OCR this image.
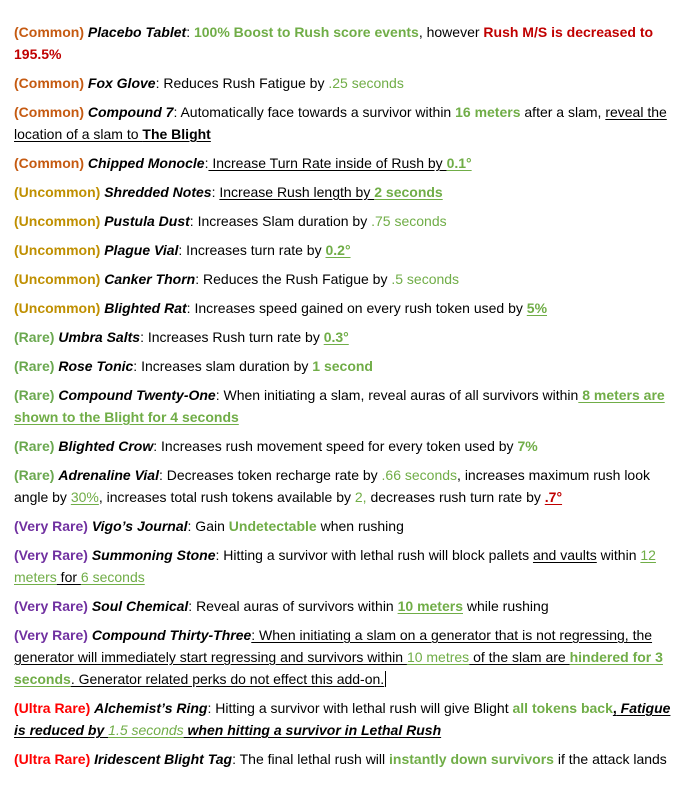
(Common) Placebo Tablet: 100% Boost to Rush score events, however Rush M/S is decreased to 195.5%

(Common) Fox Glove: Reduces Rush Fatigue by .25 seconds

(Common) Compound 7: Automatically face towards a survivor within 16 meters after a slam, reveal the location of a slam to The Blight

(Common) Chipped Monocle: Increase Turn Rate inside of Rush by 0.1°

(Uncommon) Shredded Notes: Increase Rush length by 2 seconds

(Uncommon) Pustula Dust: Increases Slam duration by .75 seconds

(Uncommon) Plague Vial: Increases turn rate by 0.2°

(Uncommon) Canker Thorn: Reduces the Rush Fatigue by .5 seconds

(Uncommon) Blighted Rat: Increases speed gained on every rush token used by 5%

(Rare) Umbra Salts: Increases Rush turn rate by 0.3°

(Rare) Rose Tonic: Increases slam duration by 1 second

(Rare) Compound Twenty-One: When initiating a slam, reveal auras of all survivors within 8 meters are shown to the Blight for 4 seconds

(Rare) Blighted Crow: Increases rush movement speed for every token used by 7%

(Rare) Adrenaline Vial: Decreases token recharge rate by .66 seconds, increases maximum rush look angle by 30%, increases total rush tokens available by 2, decreases rush turn rate by .7°

(Very Rare) Vigo’s Journal: Gain Undetectable when rushing

(Very Rare) Summoning Stone: Hitting a survivor with lethal rush will block pallets and vaults within 12 meters for 6 seconds

(Very Rare) Soul Chemical: Reveal auras of survivors within 10 meters while rushing

(Very Rare) Compound Thirty-Three: When initiating a slam on a generator that is not regressing, the generator will immediately start regressing and survivors within 10 metres of the slam are hindered for 3 seconds. Generator related perks do not effect this add-on.

(Ultra Rare) Alchemist’s Ring: Hitting a survivor with lethal rush will give Blight all tokens back, Fatigue is reduced by 1.5 seconds when hitting a survivor in Lethal Rush

(Ultra Rare) Iridescent Blight Tag: The final lethal rush will instantly down survivors if the attack lands
